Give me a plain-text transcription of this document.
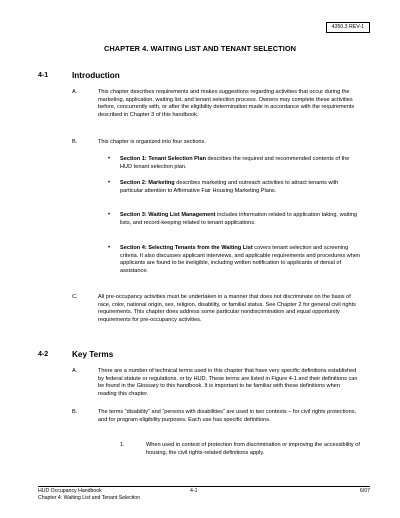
4350.3 REV-1
CHAPTER 4. WAITING LIST AND TENANT SELECTION
4-1	Introduction
A.	This chapter describes requirements and makes suggestions regarding activities that occur during the marketing, application, waiting list, and tenant selection process. Owners may complete these activities before, concurrently with, or after the eligibility determination made in accordance with the requirements described in Chapter 3 of this handbook.
B.	This chapter is organized into four sections.
• Section 1: Tenant Selection Plan describes the required and recommended contents of the HUD tenant selection plan.
• Section 2: Marketing describes marketing and outreach activities to attract tenants with particular attention to Affirmative Fair Housing Marketing Plans.
• Section 3: Waiting List Management includes information related to application taking, waiting lists, and record-keeping related to tenant applications.
• Section 4: Selecting Tenants from the Waiting List covers tenant selection and screening criteria. It also discusses applicant interviews, and applicable requirements and procedures when applicants are found to be ineligible, including written notification to applicants of denial of assistance.
C.	All pre-occupancy activities must be undertaken in a manner that does not discriminate on the basis of race, color, national origin, sex, religion, disability, or familial status. See Chapter 2 for general civil rights requirements. This chapter does address some particular nondiscrimination and equal opportunity requirements for pre-occupancy activities.
4-2	Key Terms
A.	There are a number of technical terms used in this chapter that have very specific definitions established by federal statute or regulations, or by HUD. These terms are listed in Figure 4-1 and their definitions can be found in the Glossary to this handbook. It is important to be familiar with these definitions when reading this chapter.
B.	The terms “disability” and “persons with disabilities” are used in two contexts – for civil rights protections, and for program eligibility purposes. Each use has specific definitions.
1.	When used in context of protection from discrimination or improving the accessibility of housing, the civil rights-related definitions apply.
HUD Occupancy Handbook
Chapter 4: Waiting List and Tenant Selection
4-1	6/07
